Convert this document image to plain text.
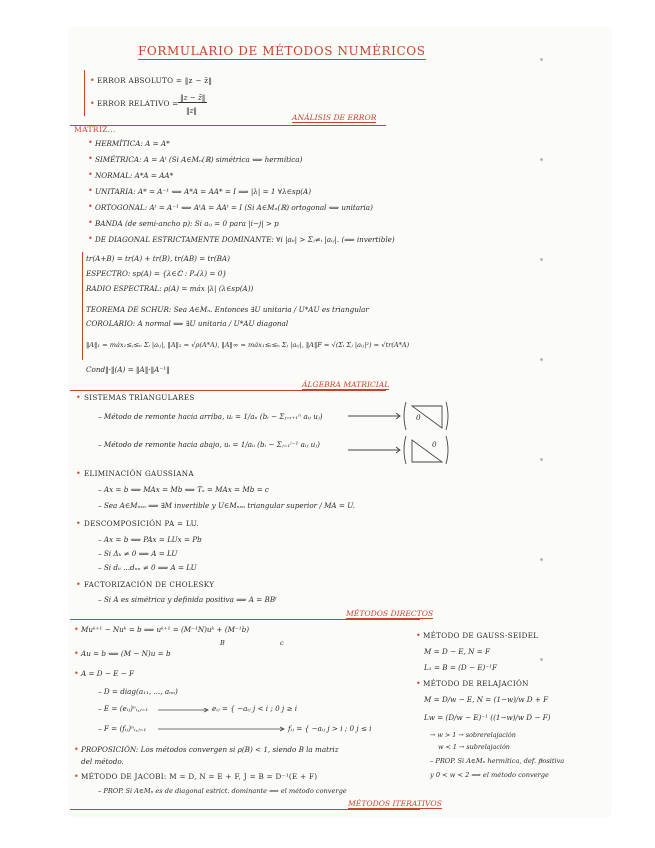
FORMULARIO DE MÉTODOS NUMÉRICOS
• ERROR ABSOLUTO = ‖z − z̃‖
• ERROR RELATIVO =
‖z − z̃‖
‖z‖
ANÁLISIS DE ERROR
MATRIZ...
• HERMÍTICA: A = A*
• SIMÉTRICA: A = Aᵗ (Si A∈Mₙ(ℝ) simétrica ⟺ hermítica)
• NORMAL: A*A = AA*
• UNITARIA: A* = A⁻¹ ⟺ A*A = AA* = I ⟹ |λ| = 1 ∀λ∈sp(A)
• ORTOGONAL: Aᵗ = A⁻¹ ⟺ AᵗA = AAᵗ = I (Si A∈Mₙ(ℝ) ortogonal ⟺ unitaria)
• BANDA (de semi-ancho p): Si aᵢⱼ = 0 para |i−j| > p
• DE DIAGONAL ESTRICTAMENTE DOMINANTE: ∀i |aᵢᵢ| > Σⱼ≠ᵢ |aᵢⱼ|. (⟹ invertible)
tr(A+B) = tr(A) + tr(B), tr(AB) = tr(BA)
ESPECTRO: sp(A) = {λ∈ℂ : Pₐ(λ) = 0}
RADIO ESPECTRAL: ρ(A) = máx |λ| (λ∈sp(A))
TEOREMA DE SCHUR: Sea A∈Mₙ. Entonces ∃U unitaria / U*AU es triangular
COROLARIO: A normal ⟺ ∃U unitaria / U*AU diagonal
‖A‖₁ = máx₁≤ⱼ≤ₙ Σᵢ |aᵢⱼ|, ‖A‖₂ = √ρ(A*A), ‖A‖∞ = máx₁≤ᵢ≤ₙ Σⱼ |aᵢⱼ|, ‖A‖F = √(Σᵢ Σⱼ |aᵢⱼ|²) = √tr(A*A)
Cond‖·‖(A) = ‖A‖·‖A⁻¹‖
ÁLGEBRA MATRICIAL
• SISTEMAS TRIANGULARES
– Método de remonte hacia arriba, uᵢ = 1/aᵢᵢ (bᵢ − Σⱼ₌ᵢ₊₁ⁿ aᵢⱼ uⱼ)
– Método de remonte hacia abajo, uᵢ = 1/aᵢᵢ (bᵢ − Σⱼ₌₁ⁱ⁻¹ aᵢⱼ uⱼ)
0
0
• ELIMINACIÓN GAUSSIANA
– Ax = b ⟺ MAx = Mb ⟺ Tₓ = MAx = Mb = c
– Sea A∈Mₙₓₙ ⟹ ∃M invertible y U∈Mₙₓₙ triangular superior / MA = U.
• DESCOMPOSICIÓN PA = LU.
– Ax = b ⟺ PAx = LUx = Pb
– Si Δₖ ≠ 0 ⟹ A = LU
– Si dᵢᵢ ...dₙₙ ≠ 0 ⟹ A = LU
• FACTORIZACIÓN DE CHOLESKY
– Si A es simétrica y definida positiva ⟹ A = BBᵗ
MÉTODOS DIRECTOS
• Muᵏ⁺¹ − Nuᵏ = b ⟹ uᵏ⁺¹ = (M⁻¹N)uᵏ + (M⁻¹b)
B	c
• Au = b ⟺ (M − N)u = b
• A = D − E − F
– D = diag(a₁₁, ..., aₙₙ)
– E = (eᵢⱼ)ⁿᵢ,ⱼ₌₁	eᵢⱼ = { −aᵢⱼ j < i ; 0 j ≥ i
– F = (fᵢⱼ)ⁿᵢ,ⱼ₌₁	fᵢⱼ = { −aᵢⱼ j > i ; 0 j ≤ i
• PROPOSICIÓN: Los métodos convergen si ρ(B) < 1, siendo B la matriz
del método.
• MÉTODO DE JACOBI: M = D, N = E + F, J = B = D⁻¹(E + F)
– PROP. Si A∈Mₙ es de diagonal estrict. dominante ⟹ el método converge
• MÉTODO DE GAUSS-SEIDEL
M = D − E, N = F
L₁ = B = (D − E)⁻¹F
• MÉTODO DE RELAJACIÓN
M = D/w − E, N = (1−w)/w D + F
Lw = (D/w − E)⁻¹ ((1−w)/w D − F)
→ w > 1 → sobrerelajación
w < 1 → subrelajación
– PROP. Si A∈Mₙ hermítica, def. positiva
y 0 < w < 2 ⟹ el método converge
MÉTODOS ITERATIVOS
